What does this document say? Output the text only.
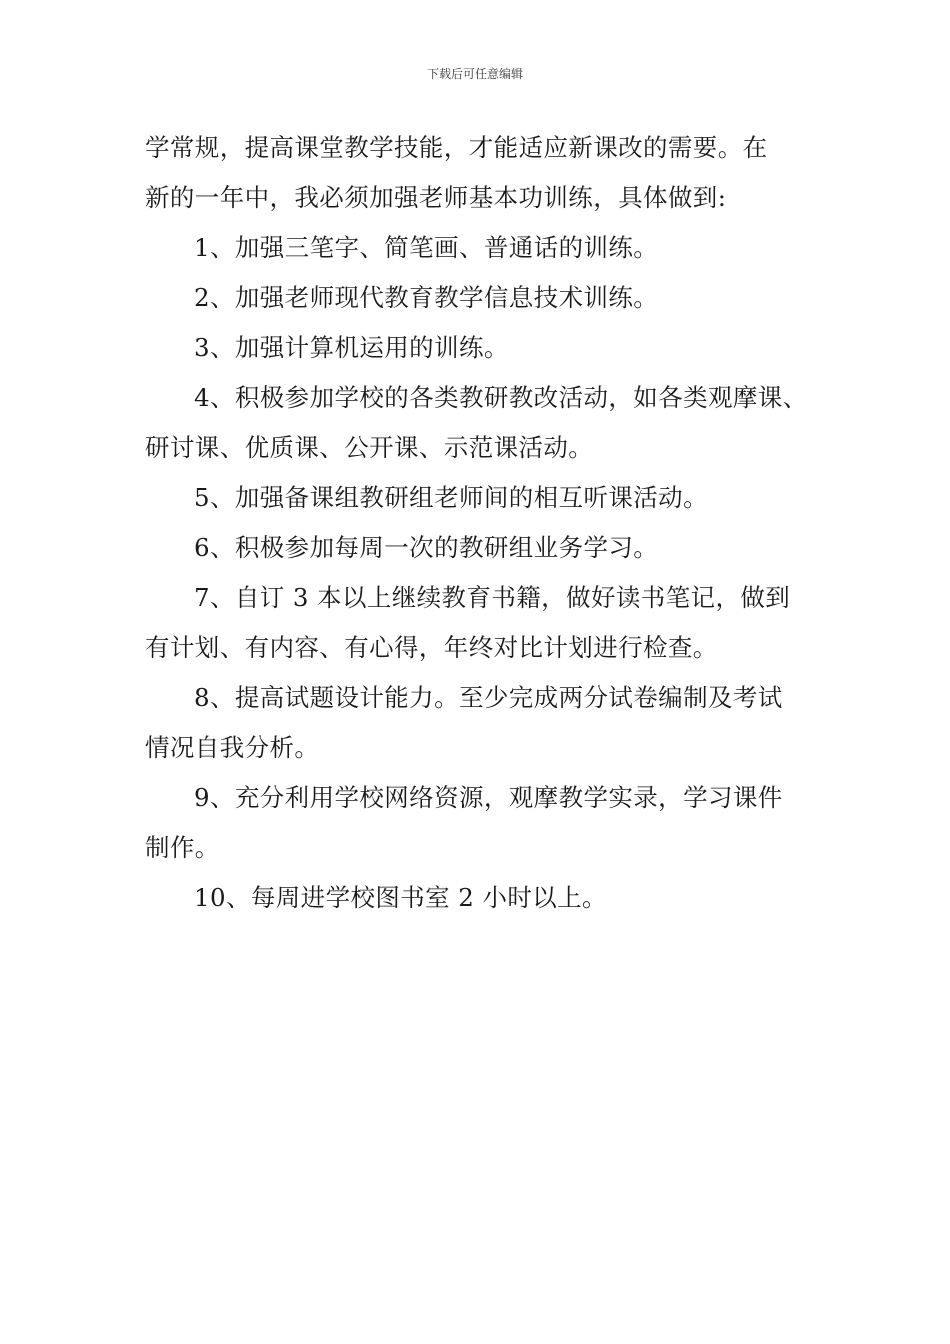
下载后可任意编辑
学常规，提高课堂教学技能，才能适应新课改的需要。在
新的一年中，我必须加强老师基本功训练，具体做到:
1、加强三笔字、简笔画、普通话的训练。
2、加强老师现代教育教学信息技术训练。
3、加强计算机运用的训练。
4、积极参加学校的各类教研教改活动，如各类观摩课、
研讨课、优质课、公开课、示范课活动。
5、加强备课组教研组老师间的相互听课活动。
6、积极参加每周一次的教研组业务学习。
7、自订 3 本以上继续教育书籍，做好读书笔记，做到
有计划、有内容、有心得，年终对比计划进行检查。
8、提高试题设计能力。至少完成两分试卷编制及考试
情况自我分析。
9、充分利用学校网络资源，观摩教学实录，学习课件
制作。
10、每周进学校图书室 2 小时以上。
